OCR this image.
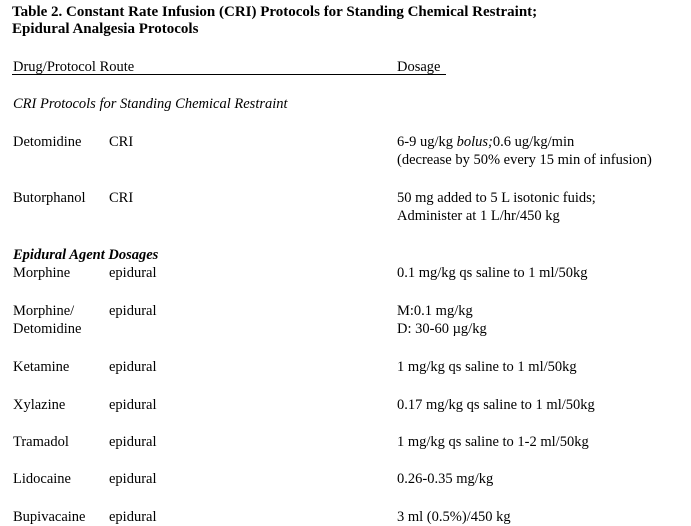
Table 2. Constant Rate Infusion (CRI) Protocols for Standing Chemical Restraint;
Epidural Analgesia Protocols
Drug/Protocol Route	Dosage
CRI Protocols for Standing Chemical Restraint
Detomidine CRI	6-9 ug/kg bolus;0.6 ug/kg/min
(decrease by 50% every 15 min of infusion)
Butorphanol CRI	50 mg added to 5 L isotonic fuids;
Administer at 1 L/hr/450 kg
Epidural Agent Dosages
Morphine	epidural	0.1 mg/kg qs saline to 1 ml/50kg
Morphine/
Detomidine
epidural	M:0.1 mg/kg
D: 30-60 µg/kg
Ketamine	epidural	1 mg/kg qs saline to 1 ml/50kg
Xylazine	epidural	0.17 mg/kg qs saline to 1 ml/50kg
Tramadol	epidural	1 mg/kg qs saline to 1-2 ml/50kg
Lidocaine	epidural	0.26-0.35 mg/kg
Bupivacaine epidural	3 ml (0.5%)/450 kg
